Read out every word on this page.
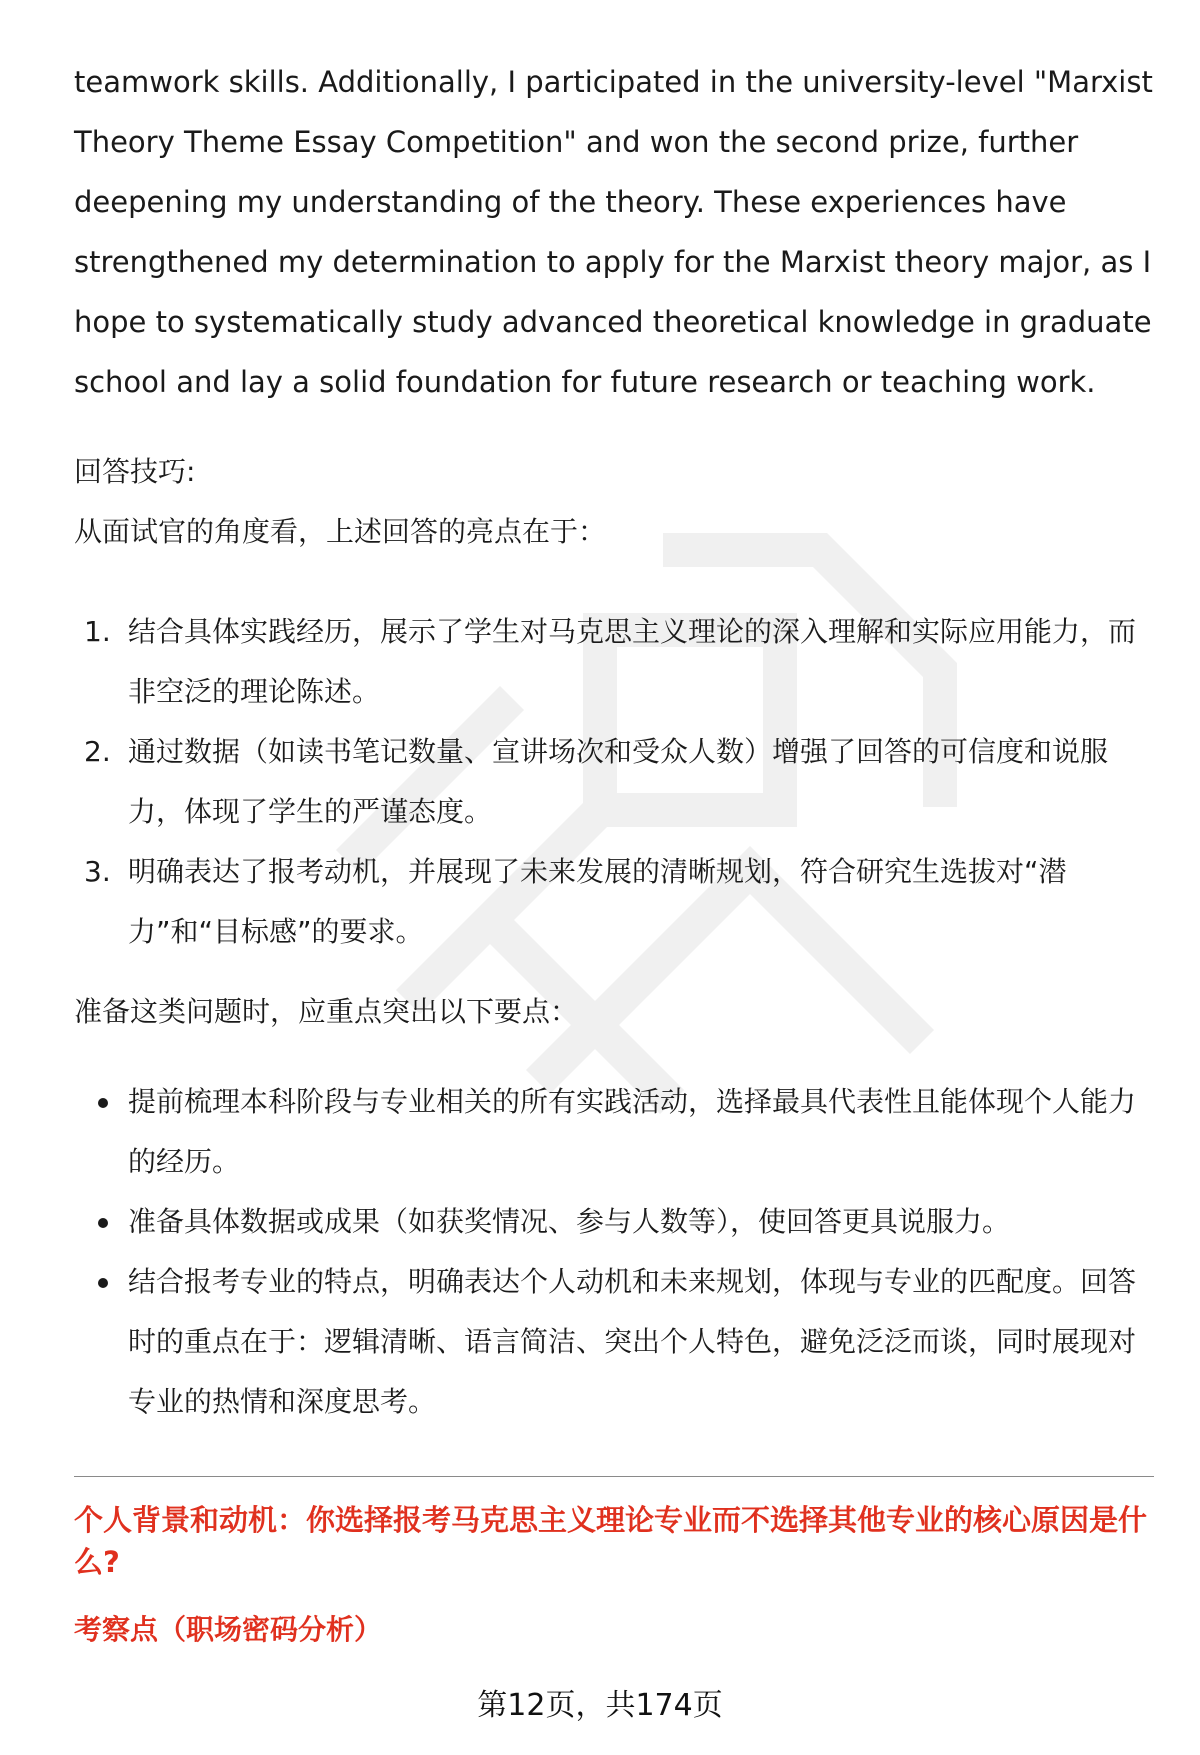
teamwork skills. Additionally, I participated in the university-level "Marxist Theory Theme Essay Competition" and won the second prize, further deepening my understanding of the theory. These experiences have strengthened my determination to apply for the Marxist theory major, as I hope to systematically study advanced theoretical knowledge in graduate school and lay a solid foundation for future research or teaching work.

回答技巧:

从面试官的角度看，上述回答的亮点在于：

1. 结合具体实践经历，展示了学生对马克思主义理论的深入理解和实际应用能力，而非空泛的理论陈述。
2. 通过数据（如读书笔记数量、宣讲场次和受众人数）增强了回答的可信度和说服力，体现了学生的严谨态度。
3. 明确表达了报考动机，并展现了未来发展的清晰规划，符合研究生选拔对“潜力”和“目标感”的要求。

准备这类问题时，应重点突出以下要点：

提前梳理本科阶段与专业相关的所有实践活动，选择最具代表性且能体现个人能力的经历。
准备具体数据或成果（如获奖情况、参与人数等），使回答更具说服力。
结合报考专业的特点，明确表达个人动机和未来规划，体现与专业的匹配度。回答时的重点在于：逻辑清晰、语言简洁、突出个人特色，避免泛泛而谈，同时展现对专业的热情和深度思考。

个人背景和动机：你选择报考马克思主义理论专业而不选择其他专业的核心原因是什么?

考察点（职场密码分析）

第12页，共174页
